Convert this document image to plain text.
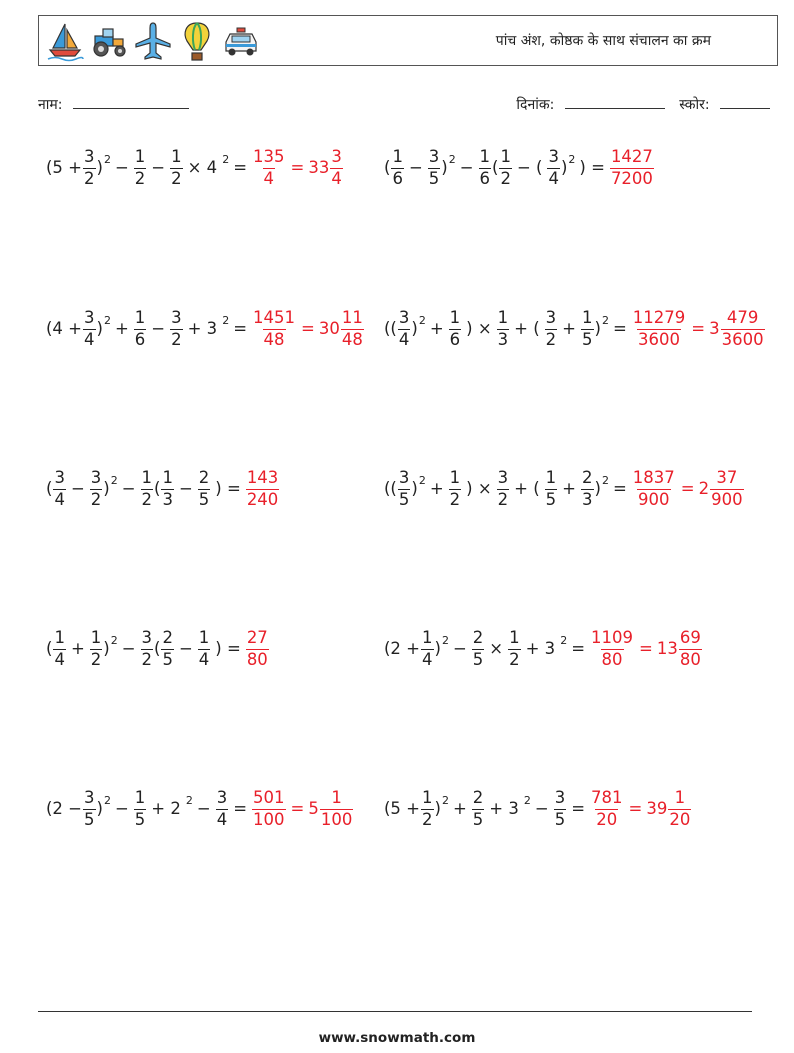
पांच अंश, कोष्ठक के साथ संचालन का क्रम
नाम:	दिनांक:	स्कोर:
($5 + \frac{3}{2}$ ) $2 - \frac{1}{2} - \frac{1}{2} \times 4$ $2 = \frac{135}{4} = 33 \frac{3}{4}$ ( $\frac{1}{6} - \frac{3}{5}$ ) $2 - \frac{1}{6}$ ( $\frac{1}{2}$ − ( $\frac{3}{4}$ ) 2 ) = $\frac{1427}{7200}$
($4 + \frac{3}{4}$ ) $2 + \frac{1}{6} - \frac{3}{2} + 3$ $2 = \frac{1451}{48} = 30 \frac{11}{48}$ (( $\frac{3}{4}$ ) $2 + \frac{1}{6}$ ) × $\frac{1}{3}$ + ( $\frac{3}{2} + \frac{1}{5}$ ) $2 = \frac{11279}{3600} = 3 \frac{479}{3600}$
( $\frac{3}{4} - \frac{3}{2}$ ) $2 - \frac{1}{2}$ ( $\frac{1}{3} - \frac{2}{5}$ ) = $\frac{143}{240}$	(( $\frac{3}{5}$ ) $2 + \frac{1}{2}$ ) × $\frac{3}{2}$ + ( $\frac{1}{5} + \frac{2}{3}$ ) $2 = \frac{1837}{900} = 2 \frac{37}{900}$
( $\frac{1}{4} + \frac{1}{2}$ ) $2 - \frac{3}{2}$ ( $\frac{2}{5} - \frac{1}{4}$ ) = $\frac{27}{80}$	($2 + \frac{1}{4}$ ) $2 - \frac{2}{5} \times \frac{1}{2} + 3$ $2 = \frac{1109}{80} = 13 \frac{69}{80}$
($2 - \frac{3}{5}$ ) $2 - \frac{1}{5} + 2$ $2 - \frac{3}{4} = \frac{501}{100} = 5 \frac{1}{100} (5 + \frac{1}{2}$ ) $2 + \frac{2}{5} + 3$ $2 - \frac{3}{5} = \frac{781}{20} = 39 \frac{1}{20}$
www.snowmath.com
